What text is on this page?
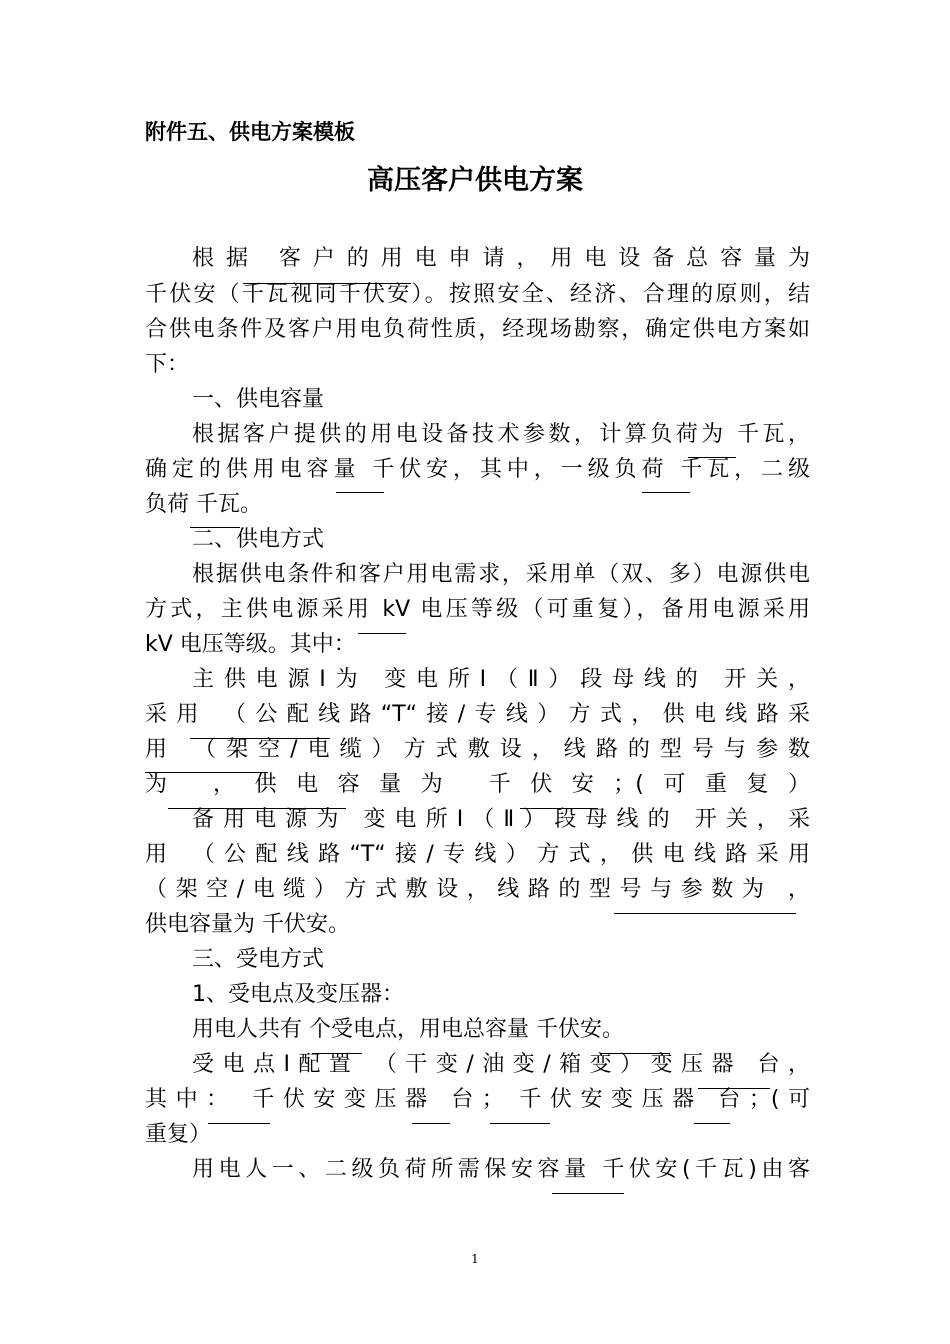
附件五、供电方案模板
高压客户供电方案
根据 客户的用电申请，用电设备总容量为
千伏安（千瓦视同千伏安）。按照安全、经济、合理的原则，结
合供电条件及客户用电负荷性质，经现场勘察，确定供电方案如
下：
一、供电容量
根据客户提供的用电设备技术参数，计算负荷为 千瓦，
确定的供用电容量 千伏安，其中，一级负荷 千瓦，二级
负荷 千瓦。
二、供电方式
根据供电条件和客户用电需求，采用单（双、多）电源供电
方式，主供电源采用 kV 电压等级（可重复），备用电源采用
kV 电压等级。其中：
主供电源Ⅰ为 变电所Ⅰ（Ⅱ）段母线的 开关，
采用 （公配线路“T“接/专线）方式，供电线路采
用 （架空/电缆）方式敷设，线路的型号与参数
为 ，供电容量为 千伏安；(可重复）
备用电源为 变电所Ⅰ（Ⅱ）段母线的 开关，采
用 （公配线路“T“接/专线）方式，供电线路采用
（架空/电缆）方式敷设，线路的型号与参数为 ，
供电容量为 千伏安。
三、受电方式
1、受电点及变压器：
用电人共有 个受电点，用电总容量 千伏安。
受电点Ⅰ配置 （干变/油变/箱变）变压器 台，
其中： 千伏安变压器 台； 千伏安变压器 台；(可
重复）
用电人一、二级负荷所需保安容量 千伏安(千瓦)由客
1
